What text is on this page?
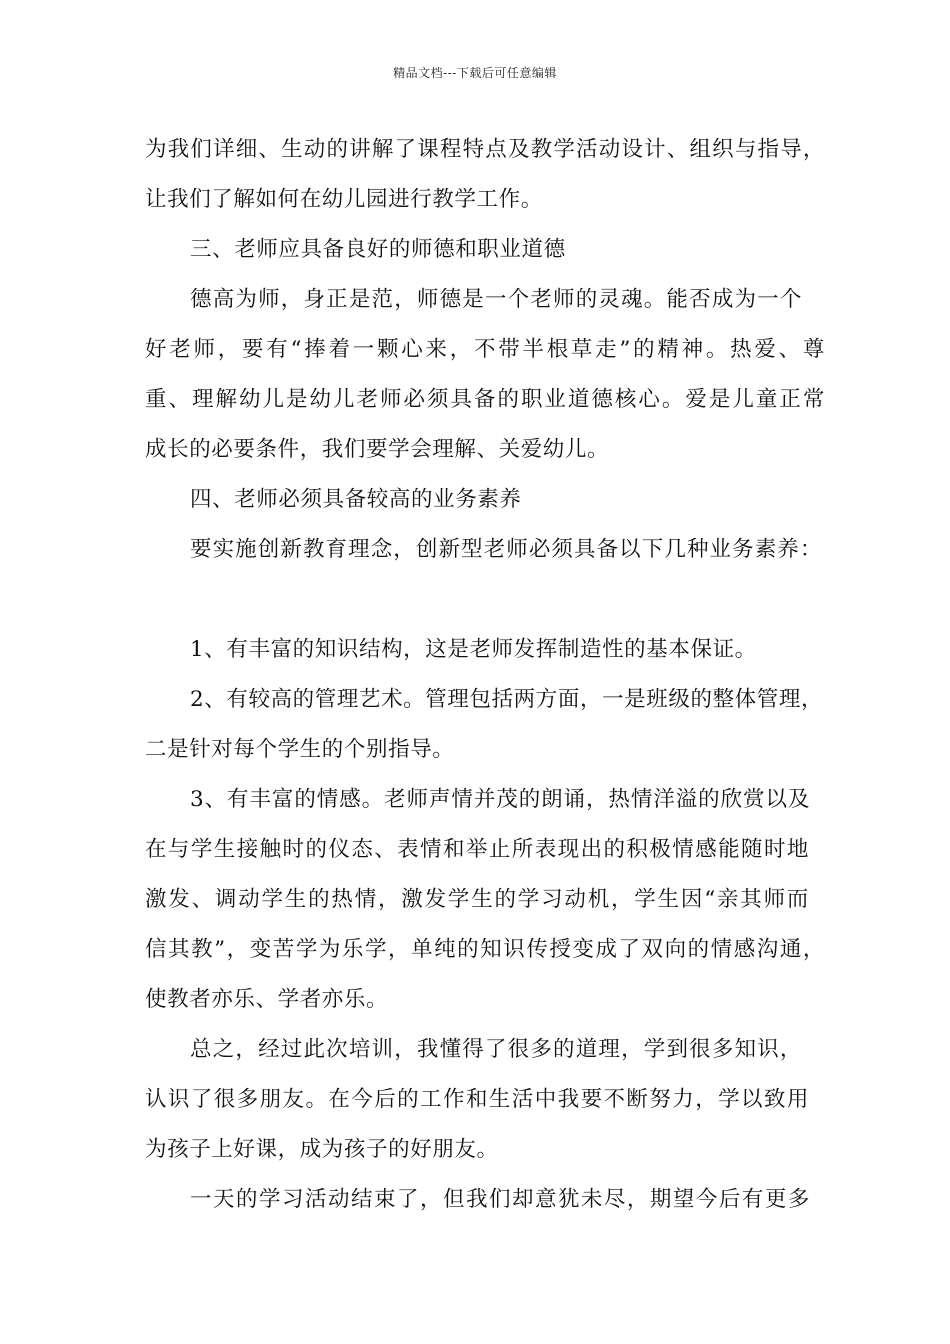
精品文档---下载后可任意编辑
为我们详细、生动的讲解了课程特点及教学活动设计、组织与指导，
让我们了解如何在幼儿园进行教学工作。
三、老师应具备良好的师德和职业道德
德高为师，身正是范，师德是一个老师的灵魂。能否成为一个
好老师，要有“捧着一颗心来，不带半根草走”的精神。热爱、尊
重、理解幼儿是幼儿老师必须具备的职业道德核心。爱是儿童正常
成长的必要条件，我们要学会理解、关爱幼儿。
四、老师必须具备较高的业务素养
要实施创新教育理念，创新型老师必须具备以下几种业务素养：
1、有丰富的知识结构，这是老师发挥制造性的基本保证。
2、有较高的管理艺术。管理包括两方面，一是班级的整体管理，
二是针对每个学生的个别指导。
3、有丰富的情感。老师声情并茂的朗诵，热情洋溢的欣赏以及
在与学生接触时的仪态、表情和举止所表现出的积极情感能随时地
激发、调动学生的热情，激发学生的学习动机，学生因“亲其师而
信其教”，变苦学为乐学，单纯的知识传授变成了双向的情感沟通，
使教者亦乐、学者亦乐。
总之，经过此次培训，我懂得了很多的道理，学到很多知识，
认识了很多朋友。在今后的工作和生活中我要不断努力，学以致用
为孩子上好课，成为孩子的好朋友。
一天的学习活动结束了，但我们却意犹未尽，期望今后有更多
